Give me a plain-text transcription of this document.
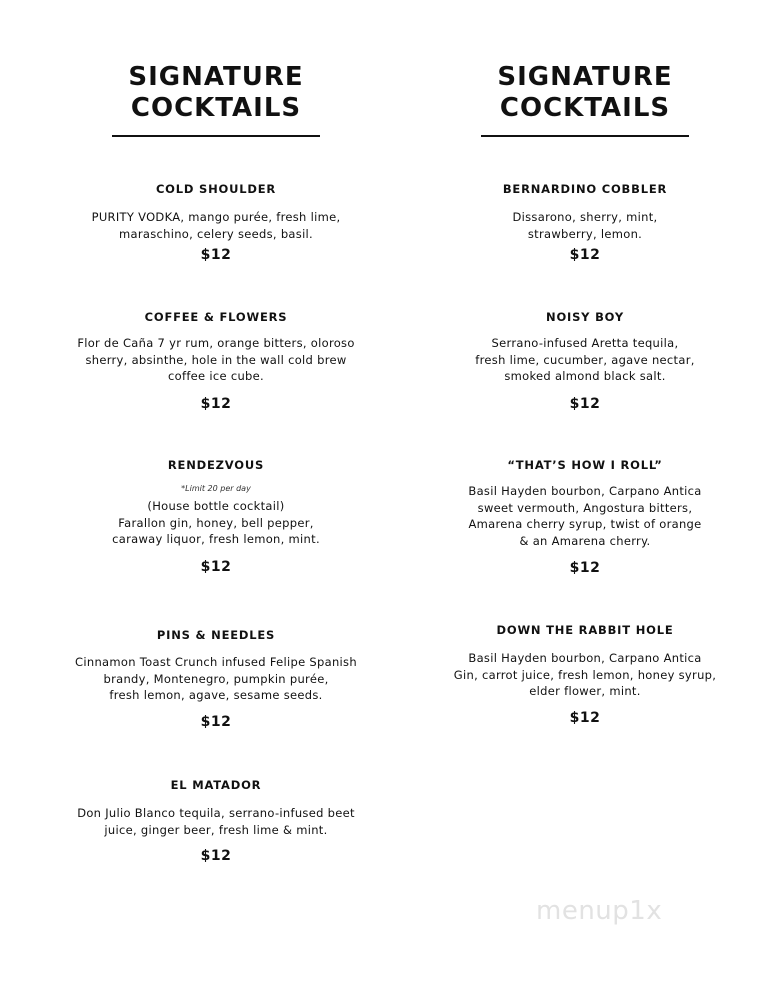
SIGNATURE
COCKTAILS
COLD SHOULDER
PURITY VODKA, mango purée, fresh lime,
maraschino, celery seeds, basil.
$12
COFFEE & FLOWERS
Flor de Caña 7 yr rum, orange bitters, oloroso
sherry, absinthe, hole in the wall cold brew
coffee ice cube.
$12
RENDEZVOUS
*Limit 20 per day
(House bottle cocktail)
Farallon gin, honey, bell pepper,
caraway liquor, fresh lemon, mint.
$12
PINS & NEEDLES
Cinnamon Toast Crunch infused Felipe Spanish
brandy, Montenegro, pumpkin purée,
fresh lemon, agave, sesame seeds.
$12
EL MATADOR
Don Julio Blanco tequila, serrano-infused beet
juice, ginger beer, fresh lime & mint.
$12
SIGNATURE
COCKTAILS
BERNARDINO COBBLER
Dissarono, sherry, mint,
strawberry, lemon.
$12
NOISY BOY
Serrano-infused Aretta tequila,
fresh lime, cucumber, agave nectar,
smoked almond black salt.
$12
“THAT’S HOW I ROLL”
Basil Hayden bourbon, Carpano Antica
sweet vermouth, Angostura bitters,
Amarena cherry syrup, twist of orange
& an Amarena cherry.
$12
DOWN THE RABBIT HOLE
Basil Hayden bourbon, Carpano Antica
Gin, carrot juice, fresh lemon, honey syrup,
elder flower, mint.
$12
menup1x
